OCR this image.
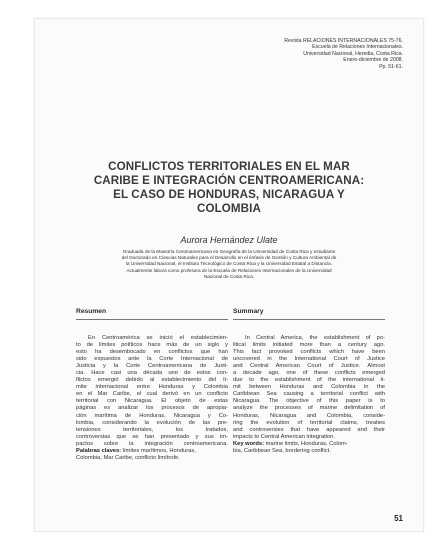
Revista RELACIONES INTERNACIONALES 75-76.
Escuela de Relaciones Internacionales.
Universidad Nacional, Heredia, Costa Rica.
Enero-diciembre de 2008.
Pp. 51-61.
CONFLICTOS TERRITORIALES EN EL MAR
CARIBE E INTEGRACIÓN CENTROAMERICANA:
EL CASO DE HONDURAS, NICARAGUA Y
COLOMBIA
Aurora Hernández Ulate
Graduada de la Maestría Centroamericana en Geografía de la Universidad de Costa Rica y estudiante
del Doctorado en Ciencias Naturales para el Desarrollo en el énfasis de Gestión y Cultura Ambiental de
la Universidad Nacional, el Instituto Tecnológico de Costa Rica y la Universidad Estatal a Distancia.
Actualmente labora como profesora de la Escuela de Relaciones Internacionales de la Universidad
Nacional de Costa Rica.
Resumen
En Centroamérica se inició el establecimien-
to de límites políticos hace más de un siglo y
esto ha desembocado en conflictos que han
sido expuestos ante la Corte Internacional de
Justicia y la Corte Centroamericana de Justi-
cia. Hace casi una década uno de estos con-
flictos emergió debido al establecimiento del lí-
mite internacional entre Honduras y Colombia
en el Mar Caribe, el cual derivó en un conflicto
territorial con Nicaragua. El objeto de estas
páginas es analizar los procesos de apropia-
ción marítima de Honduras, Nicaragua y Co-
lombia, considerando la evolución de las pre-
tensiones territoriales, los tratados,
controversias que se han presentado y sus im-
pactos sobre la integración centroamericana.
Palabras claves: límites marítimos, Honduras,
Colombia, Mar Caribe, conflicto limítrofe.
Summary
In Central America, the establishment of po-
litical limits initiated more than a century ago.
This fact provoked conflicts which have been
uncovered in the International Court of Justice
and Central American Court of Justice. Almost
a decade ago, one of these conflicts emerged
due to the establishment of the international li-
mit between Honduras and Colombia in the
Caribbean Sea causing a territorial conflict with
Nicaragua. The objective of this paper is to
analyze the processes of marine delimitation of
Honduras, Nicaragua and Colombia, conside-
ring the evolution of territorial claims, treaties
and controversies that have appeared and their
impacts to Central American integration.
Key words: marine limits, Honduras, Colom-
bia, Caribbean Sea, bordering conflict.
51
